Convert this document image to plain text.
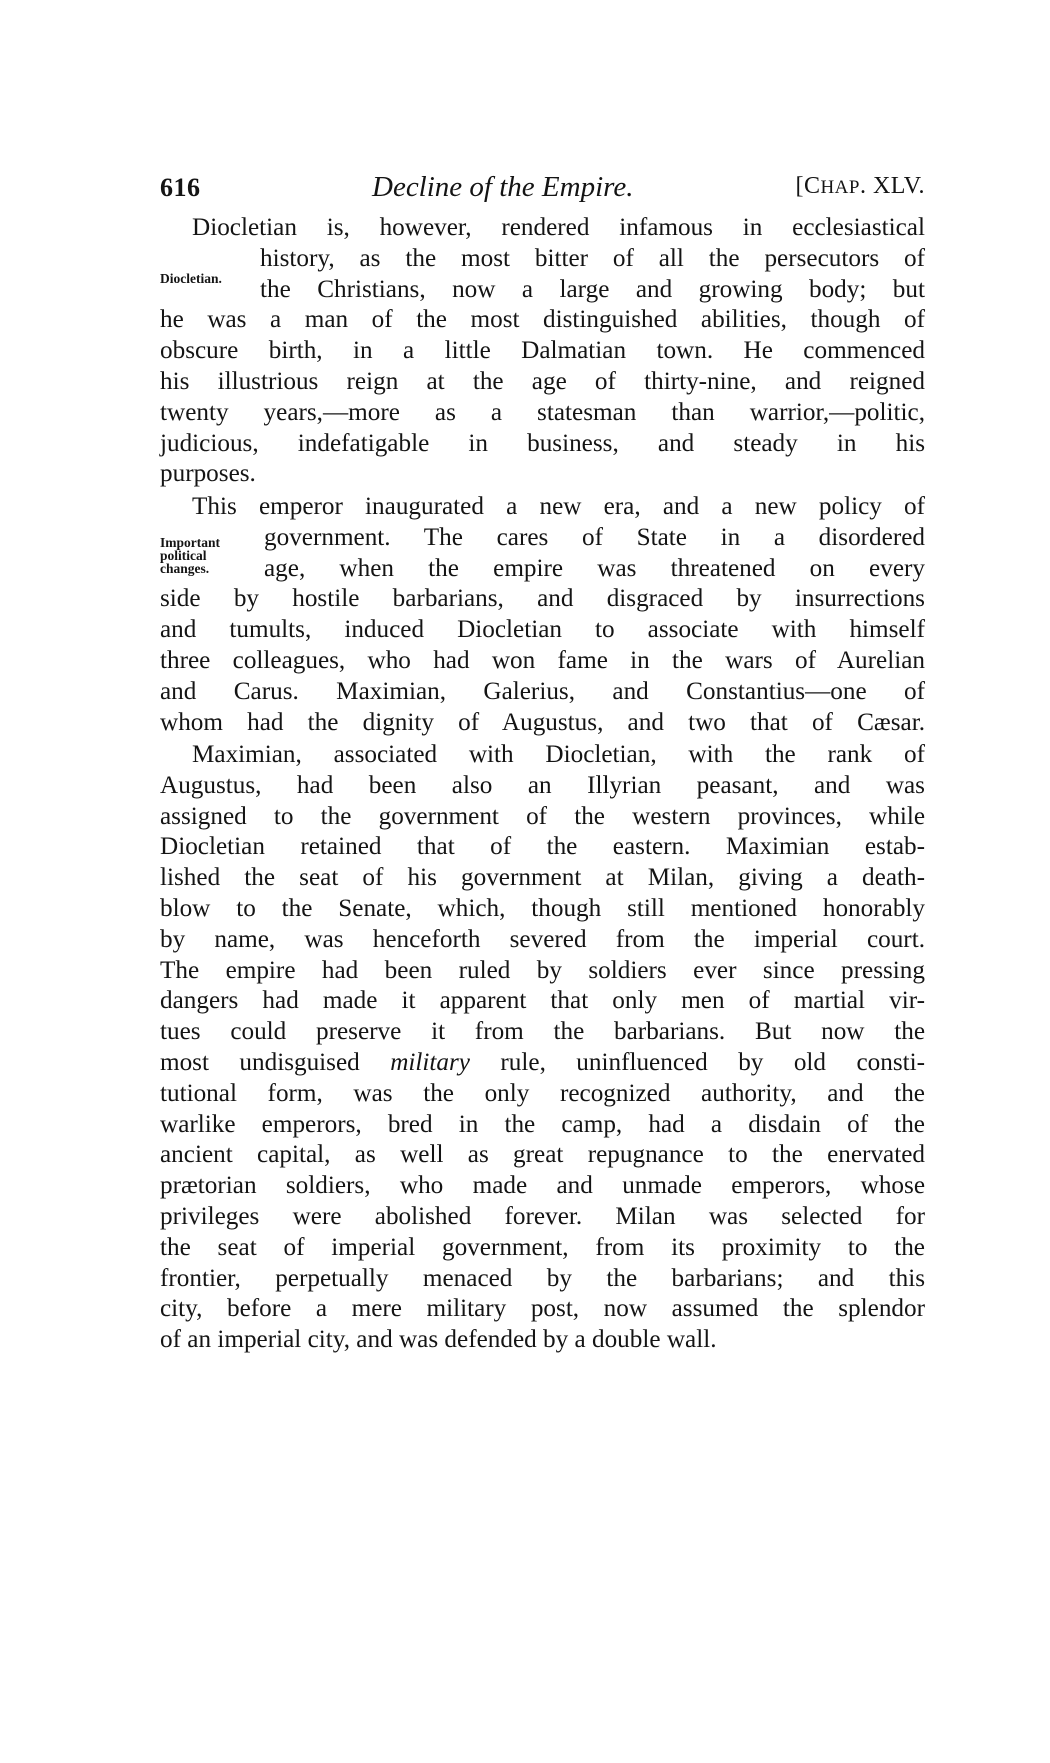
616	Decline of the Empire.	[CHAP. XLV.
Diocletian.
Important
political
changes.
Diocletian is, however, rendered infamous in ecclesiastical
history, as the most bitter of all the persecutors of
the Christians, now a large and growing body; but
he was a man of the most distinguished abilities, though of
obscure birth, in a little Dalmatian town. He commenced
his illustrious reign at the age of thirty-nine, and reigned
twenty years,—more as a statesman than warrior,—politic,
judicious, indefatigable in business, and steady in his
purposes.
This emperor inaugurated a new era, and a new policy of
government. The cares of State in a disordered
age, when the empire was threatened on every
side by hostile barbarians, and disgraced by insurrections
and tumults, induced Diocletian to associate with himself
three colleagues, who had won fame in the wars of Aurelian
and Carus. Maximian, Galerius, and Constantius—one of
whom had the dignity of Augustus, and two that of Cæsar.
Maximian, associated with Diocletian, with the rank of
Augustus, had been also an Illyrian peasant, and was
assigned to the government of the western provinces, while
Diocletian retained that of the eastern. Maximian estab-
lished the seat of his government at Milan, giving a death-
blow to the Senate, which, though still mentioned honorably
by name, was henceforth severed from the imperial court.
The empire had been ruled by soldiers ever since pressing
dangers had made it apparent that only men of martial vir-
tues could preserve it from the barbarians. But now the
most undisguised military rule, uninfluenced by old consti-
tutional form, was the only recognized authority, and the
warlike emperors, bred in the camp, had a disdain of the
ancient capital, as well as great repugnance to the enervated
prætorian soldiers, who made and unmade emperors, whose
privileges were abolished forever. Milan was selected for
the seat of imperial government, from its proximity to the
frontier, perpetually menaced by the barbarians; and this
city, before a mere military post, now assumed the splendor
of an imperial city, and was defended by a double wall.
